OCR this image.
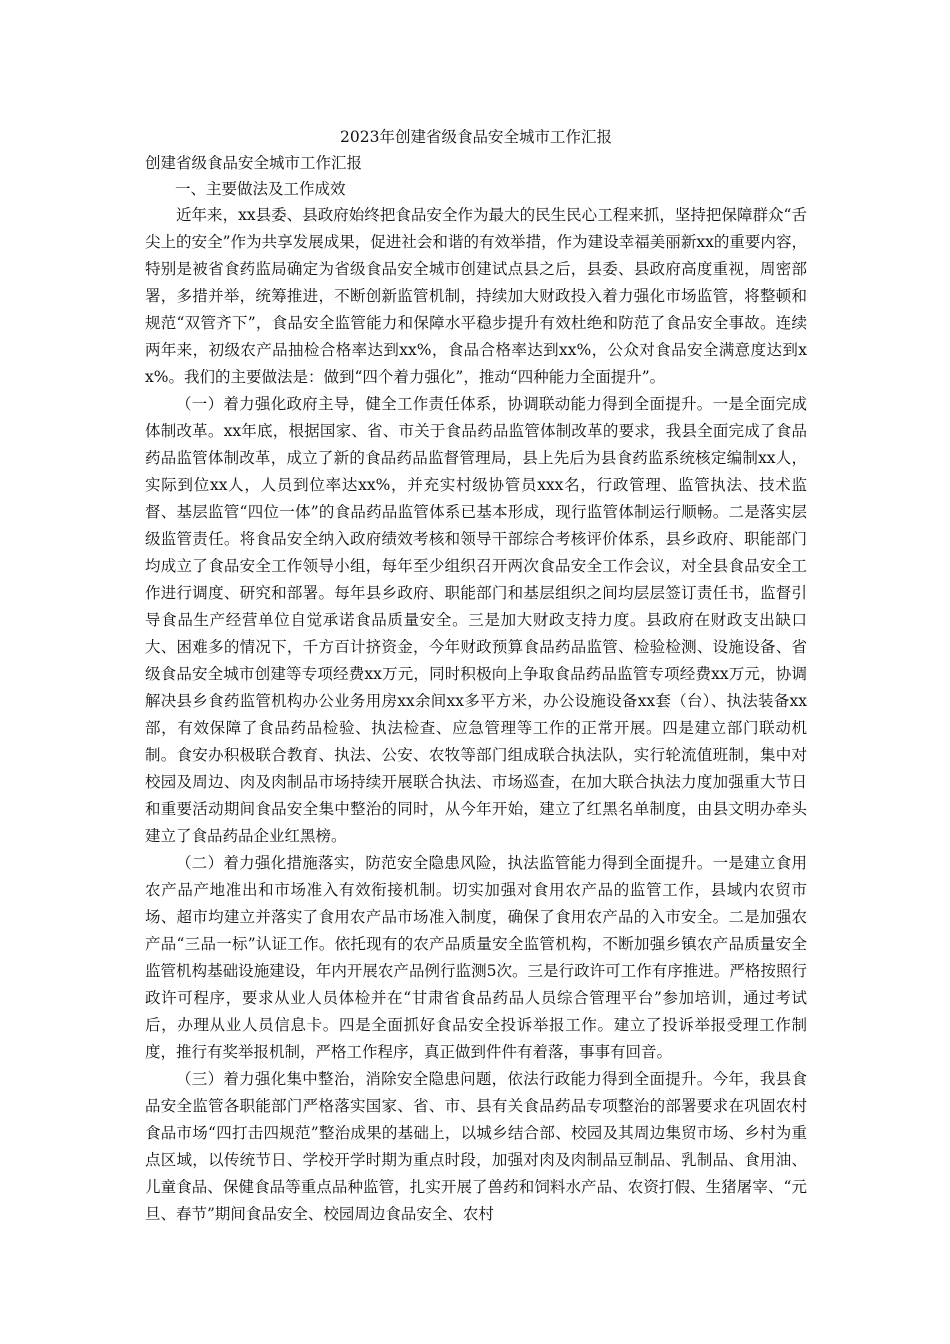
2023年创建省级食品安全城市工作汇报

创建省级食品安全城市工作汇报

一、主要做法及工作成效

近年来，xx县委、县政府始终把食品安全作为最大的民生民心工程来抓，坚持把保障群众“舌尖上的安全”作为共享发展成果，促进社会和谐的有效举措，作为建设幸福美丽新xx的重要内容，特别是被省食药监局确定为省级食品安全城市创建试点县之后，县委、县政府高度重视，周密部署，多措并举，统筹推进，不断创新监管机制，持续加大财政投入着力强化市场监管，将整顿和规范“双管齐下”，食品安全监管能力和保障水平稳步提升有效杜绝和防范了食品安全事故。连续两年来，初级农产品抽检合格率达到xx%，食品合格率达到xx%，公众对食品安全满意度达到xx%。我们的主要做法是：做到“四个着力强化”，推动“四种能力全面提升”。

（一）着力强化政府主导，健全工作责任体系，协调联动能力得到全面提升。一是全面完成体制改革。xx年底，根据国家、省、市关于食品药品监管体制改革的要求，我县全面完成了食品药品监管体制改革，成立了新的食品药品监督管理局，县上先后为县食药监系统核定编制xx人，实际到位xx人，人员到位率达xx%，并充实村级协管员xxx名，行政管理、监管执法、技术监督、基层监管“四位一体”的食品药品监管体系已基本形成，现行监管体制运行顺畅。二是落实层级监管责任。将食品安全纳入政府绩效考核和领导干部综合考核评价体系，县乡政府、职能部门均成立了食品安全工作领导小组，每年至少组织召开两次食品安全工作会议，对全县食品安全工作进行调度、研究和部署。每年县乡政府、职能部门和基层组织之间均层层签订责任书，监督引导食品生产经营单位自觉承诺食品质量安全。三是加大财政支持力度。县政府在财政支出缺口大、困难多的情况下，千方百计挤资金，今年财政预算食品药品监管、检验检测、设施设备、省级食品安全城市创建等专项经费xx万元，同时积极向上争取食品药品监管专项经费xx万元，协调解决县乡食药监管机构办公业务用房xx余间xx多平方米，办公设施设备xx套（台）、执法装备xx部，有效保障了食品药品检验、执法检查、应急管理等工作的正常开展。四是建立部门联动机制。食安办积极联合教育、执法、公安、农牧等部门组成联合执法队，实行轮流值班制，集中对校园及周边、肉及肉制品市场持续开展联合执法、市场巡查，在加大联合执法力度加强重大节日和重要活动期间食品安全集中整治的同时，从今年开始，建立了红黑名单制度，由县文明办牵头建立了食品药品企业红黑榜。

（二）着力强化措施落实，防范安全隐患风险，执法监管能力得到全面提升。一是建立食用农产品产地准出和市场准入有效衔接机制。切实加强对食用农产品的监管工作，县域内农贸市场、超市均建立并落实了食用农产品市场准入制度，确保了食用农产品的入市安全。二是加强农产品“三品一标”认证工作。依托现有的农产品质量安全监管机构，不断加强乡镇农产品质量安全监管机构基础设施建设，年内开展农产品例行监测5次。三是行政许可工作有序推进。严格按照行政许可程序，要求从业人员体检并在“甘肃省食品药品人员综合管理平台”参加培训，通过考试后，办理从业人员信息卡。四是全面抓好食品安全投诉举报工作。建立了投诉举报受理工作制度，推行有奖举报机制，严格工作程序，真正做到件件有着落，事事有回音。

（三）着力强化集中整治，消除安全隐患问题，依法行政能力得到全面提升。今年，我县食品安全监管各职能部门严格落实国家、省、市、县有关食品药品专项整治的部署要求在巩固农村食品市场“四打击四规范”整治成果的基础上，以城乡结合部、校园及其周边集贸市场、乡村为重点区域，以传统节日、学校开学时期为重点时段，加强对肉及肉制品豆制品、乳制品、食用油、儿童食品、保健食品等重点品种监管，扎实开展了兽药和饲料水产品、农资打假、生猪屠宰、“元旦、春节”期间食品安全、校园周边食品安全、农村
